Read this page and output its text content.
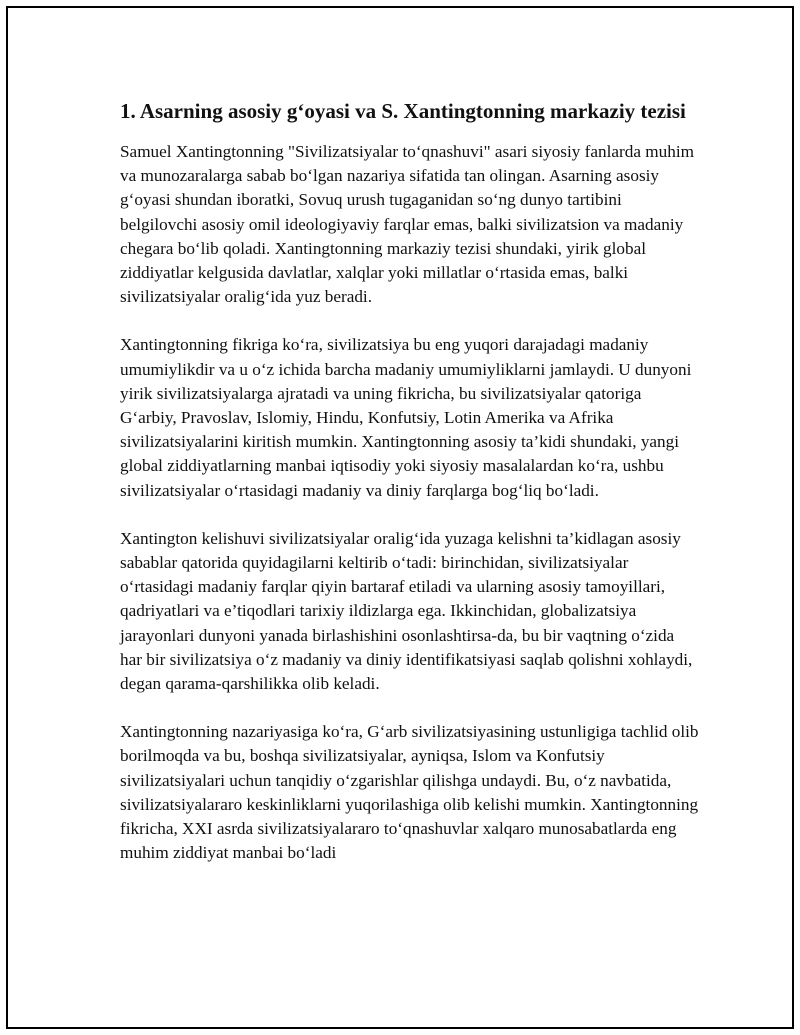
1. Asarning asosiy g‘oyasi va S. Xantingtonning markaziy tezisi

Samuel Xantingtonning "Sivilizatsiyalar to‘qnashuvi" asari siyosiy fanlarda muhim va munozaralarga sabab bo‘lgan nazariya sifatida tan olingan. Asarning asosiy g‘oyasi shundan iboratki, Sovuq urush tugaganidan so‘ng dunyo tartibini belgilovchi asosiy omil ideologiyaviy farqlar emas, balki sivilizatsion va madaniy chegara bo‘lib qoladi. Xantingtonning markaziy tezisi shundaki, yirik global ziddiyatlar kelgusida davlatlar, xalqlar yoki millatlar o‘rtasida emas, balki sivilizatsiyalar oralig‘ida yuz beradi.

Xantingtonning fikriga ko‘ra, sivilizatsiya bu eng yuqori darajadagi madaniy umumiylikdir va u o‘z ichida barcha madaniy umumiyliklarni jamlaydi. U dunyoni yirik sivilizatsiyalarga ajratadi va uning fikricha, bu sivilizatsiyalar qatoriga G‘arbiy, Pravoslav, Islomiy, Hindu, Konfutsiy, Lotin Amerika va Afrika sivilizatsiyalarini kiritish mumkin. Xantingtonning asosiy ta’kidi shundaki, yangi global ziddiyatlarning manbai iqtisodiy yoki siyosiy masalalardan ko‘ra, ushbu sivilizatsiyalar o‘rtasidagi madaniy va diniy farqlarga bog‘liq bo‘ladi.

Xantington kelishuvi sivilizatsiyalar oralig‘ida yuzaga kelishni ta’kidlagan asosiy sabablar qatorida quyidagilarni keltirib o‘tadi: birinchidan, sivilizatsiyalar o‘rtasidagi madaniy farqlar qiyin bartaraf etiladi va ularning asosiy tamoyillari, qadriyatlari va e’tiqodlari tarixiy ildizlarga ega. Ikkinchidan, globalizatsiya jarayonlari dunyoni yanada birlashishini osonlashtirsa-da, bu bir vaqtning o‘zida har bir sivilizatsiya o‘z madaniy va diniy identifikatsiyasi saqlab qolishni xohlaydi, degan qarama-qarshilikka olib keladi.

Xantingtonning nazariyasiga ko‘ra, G‘arb sivilizatsiyasining ustunligiga tachlid olib borilmoqda va bu, boshqa sivilizatsiyalar, ayniqsa, Islom va Konfutsiy sivilizatsiyalari uchun tanqidiy o‘zgarishlar qilishga undaydi. Bu, o‘z navbatida, sivilizatsiyalararo keskinliklarni yuqorilashiga olib kelishi mumkin. Xantingtonning fikricha, XXI asrda sivilizatsiyalararo to‘qnashuvlar xalqaro munosabatlarda eng muhim ziddiyat manbai bo‘ladi
